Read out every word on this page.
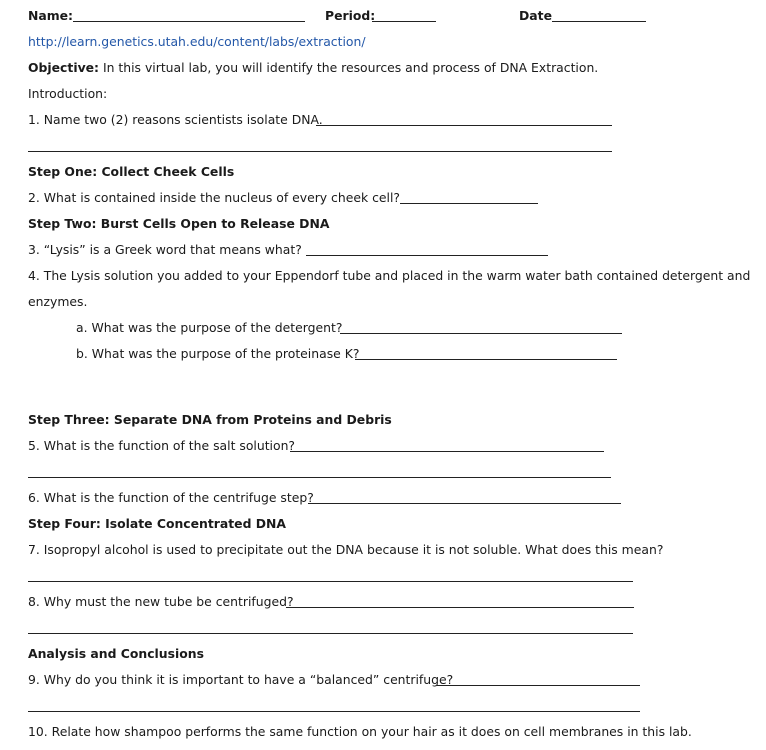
Name:	Period:	Date
http://learn.genetics.utah.edu/content/labs/extraction/
Objective: In this virtual lab, you will identify the resources and process of DNA Extraction.
Introduction:
1. Name two (2) reasons scientists isolate DNA.
Step One: Collect Cheek Cells
2. What is contained inside the nucleus of every cheek cell?
Step Two: Burst Cells Open to Release DNA
3. “Lysis” is a Greek word that means what?
4. The Lysis solution you added to your Eppendorf tube and placed in the warm water bath contained detergent and
enzymes.
a. What was the purpose of the detergent?
b. What was the purpose of the proteinase K?
Step Three: Separate DNA from Proteins and Debris
5. What is the function of the salt solution?
6. What is the function of the centrifuge step?
Step Four: Isolate Concentrated DNA
7. Isopropyl alcohol is used to precipitate out the DNA because it is not soluble. What does this mean?
8. Why must the new tube be centrifuged?
Analysis and Conclusions
9. Why do you think it is important to have a “balanced” centrifuge?
10. Relate how shampoo performs the same function on your hair as it does on cell membranes in this lab.
